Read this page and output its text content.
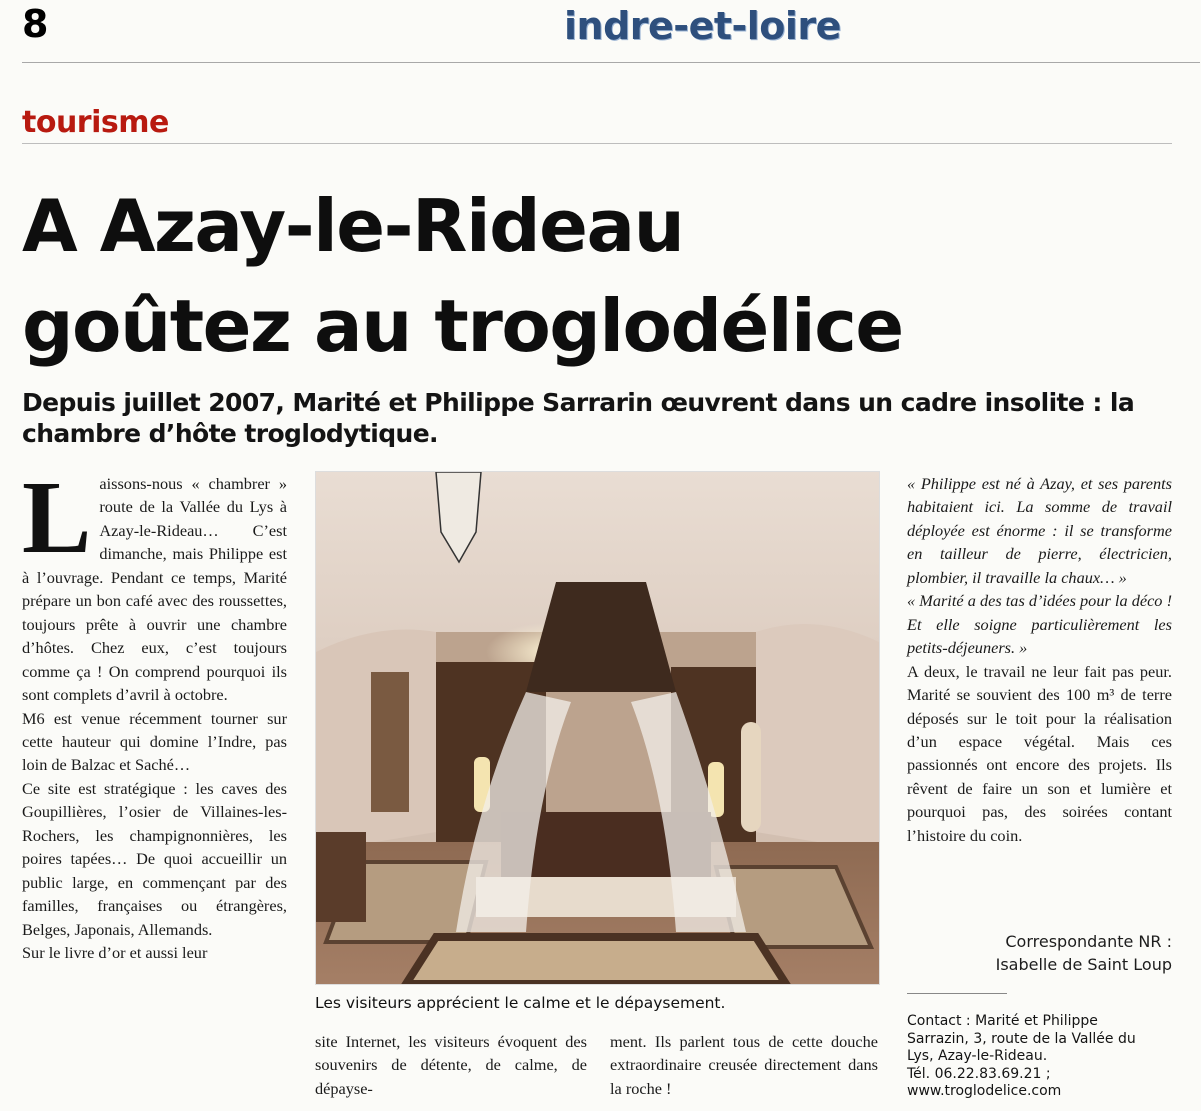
8	indre-et-loire
tourisme
A Azay-le-Rideau
goûtez au troglodélice
Depuis juillet 2007, Marité et Philippe Sarrarin œuvrent dans un cadre insolite : la chambre d’hôte troglodytique.
L aissons-nous « chambrer » route de la Vallée du Lys à Azay-le-Rideau… C’est dimanche, mais Philippe est à l’ouvrage. Pendant ce temps, Marité prépare un bon café avec des roussettes, toujours prête à ouvrir une chambre d’hôtes. Chez eux, c’est toujours comme ça ! On comprend pourquoi ils sont complets d’avril à octobre.

M6 est venue récemment tourner sur cette hauteur qui domine l’Indre, pas loin de Balzac et Saché…

Ce site est stratégique : les caves des Goupillières, l’osier de Villaines-les-Rochers, les champignonnières, les poires tapées… De quoi accueillir un public large, en commençant par des familles, françaises ou étrangères, Belges, Japonais, Allemands.

Sur le livre d’or et aussi leur

Les visiteurs apprécient le calme et le dépaysement.
site Internet, les visiteurs évoquent des souvenirs de détente, de calme, de dépayse-
ment. Ils parlent tous de cette douche extraordinaire creusée directement dans la roche !

« Philippe est né à Azay, et ses parents habitaient ici. La somme de travail déployée est énorme : il se transforme en tailleur de pierre, électricien, plombier, il travaille la chaux… »

« Marité a des tas d’idées pour la déco ! Et elle soigne particulièrement les petits-déjeuners. »

A deux, le travail ne leur fait pas peur. Marité se souvient des 100 m³ de terre déposés sur le toit pour la réalisation d’un espace végétal. Mais ces passionnés ont encore des projets. Ils rêvent de faire un son et lumière et pourquoi pas, des soirées contant l’histoire du coin.

Correspondante NR :
Isabelle de Saint Loup
Contact : Marité et Philippe
Sarrazin, 3, route de la Vallée du
Lys, Azay-le-Rideau.
Tél. 06.22.83.69.21 ;
www.troglodelice.com
